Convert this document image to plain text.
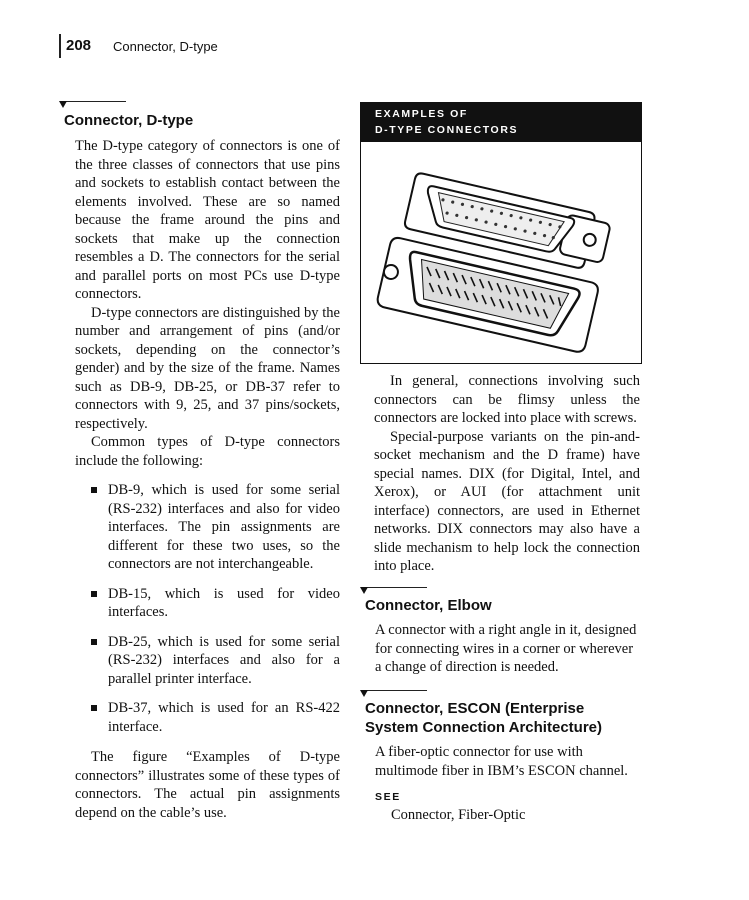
208 Connector, D-type
Connector, D-type

The D-type category of connectors is one of the three classes of connectors that use pins and sockets to establish contact between the elements involved. These are so named because the frame around the pins and sockets that make up the connection resembles a D. The connectors for the serial and parallel ports on most PCs use D-type connectors.

D-type connectors are distinguished by the number and arrangement of pins (and/or sockets, depending on the connector’s gender) and by the size of the frame. Names such as DB-9, DB-25, or DB-37 refer to connectors with 9, 25, and 37 pins/sockets, respectively.

Common types of D-type connectors include the following:

DB-9, which is used for some serial (RS-232) interfaces and also for video interfaces. The pin assignments are different for these two uses, so the connectors are not interchangeable.

DB-15, which is used for video interfaces.

DB-25, which is used for some serial (RS-232) interfaces and also for a parallel printer interface.

DB-37, which is used for an RS-422 interface.

The figure “Examples of D-type connectors” illustrates some of these types of connectors. The actual pin assignments depend on the cable’s use.

EXAMPLES OF
D-TYPE CONNECTORS

In general, connections involving such connectors can be flimsy unless the connectors are locked into place with screws.

Special-purpose variants on the pin-and-socket mechanism and the D frame) have special names. DIX (for Digital, Intel, and Xerox), or AUI (for attachment unit interface) connectors, are used in Ethernet networks. DIX connectors may also have a slide mechanism to help lock the connection into place.

Connector, Elbow
A connector with a right angle in it, designed for connecting wires in a corner or wherever a change of direction is needed.
Connector, ESCON (Enterprise
System Connection Architecture)
A fiber-optic connector for use with multimode fiber in IBM’s ESCON channel.
SEE
Connector, Fiber-Optic
